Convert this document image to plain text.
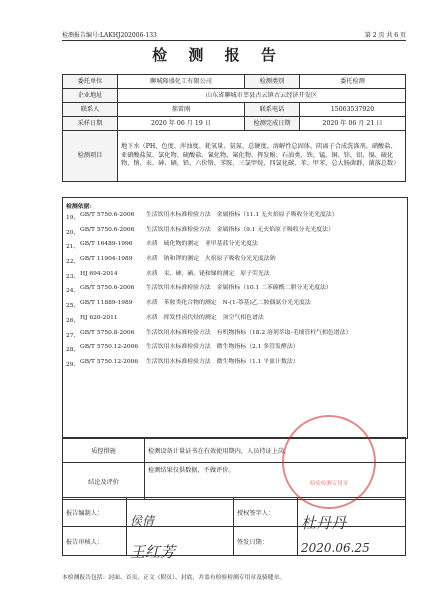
检测报告编号:LAKHJ202006-133	第 2 页 共 6 页
检 测 报 告
委托单位	聊城隆盛化工有限公司	检测类别	委托检测
企业地址	山东省聊城市莘县古云镇古云经济开发区		
联系人	郝雷刚	联系电话	15063537920
采样日期	2020 年 06 月 19 日	检测完成日期	2020 年 06 月 21 日
检测项目	地下水（PH、色度、浑浊度、耗氧量、氨氮、总硬度、溶解性总固体、阴离子合成洗涤剂、硝酸盐、亚硝酸盐氮、氯化物、硫酸盐、氰化物、氟化物、挥发酚、石油类、铁、锰、铜、锌、铝、镉、硫化物、钠、汞、砷、硒、铅、六价铬、苯胺、三氯甲烷、四氯化碳、苯、甲苯、总大肠菌群、菌落总数）		
检测依据：
19、 GB/T 5750.6-2006	生活饮用水标准检验方法　金属指标（11.1 无火焰原子吸收分光光度法）
20、 GB/T 5750.6-2006	生活饮用水标准检验方法　金属指标（9.1 无火焰原子吸收分光光度法）
21、 GB/T 16489-1996	水质　硫化物的测定　亚甲基蓝分光光度法
22、 GB/T 11904-1989	水质　钠和钾的测定　火焰原子吸收分光光度法钠
23、 HJ 694-2014	水质　汞、砷、硒、铋和锑的测定　原子荧光法
24、 GB/T 5750.6-2006	生活饮用水标准检验方法　金属指标（10.1 二苯碳酰二肼分光光度法）
25、 GB/T 11889-1989	水质　苯胺类化合物的测定　N-(1-萘基)乙二胺偶氮分光光度法
26、 HJ 620-2011	水质　挥发性卤代烃的测定　顶空气相色谱法
27、 GB/T 5750.8-2006	生活饮用水标准检验方法　有机物指标（18.2 溶剂萃取-毛细管柱气相色谱法）
28、 GB/T 5750.12-2006	生活饮用水标准检验方法　微生物指标（2.1 多管发酵法）
29、 GB/T 5750.12-2006	生活饮用水标准检验方法　微生物指标（1.1 平皿计数法）
质控措施	检测设备计量证书在有效使用期内，人员持证上岗。
结论及评价	检测结果仅供数据，不做评价。
报告编制人：	侯倩	授权签字人：	杜丹丹

报告审核人：	王红芳	签发日期：	2020.06.25
检验检测专用章
本检测报告包括：封面、首页、正文（附页）、封底，并盖有检验检测专用章及骑缝章。
